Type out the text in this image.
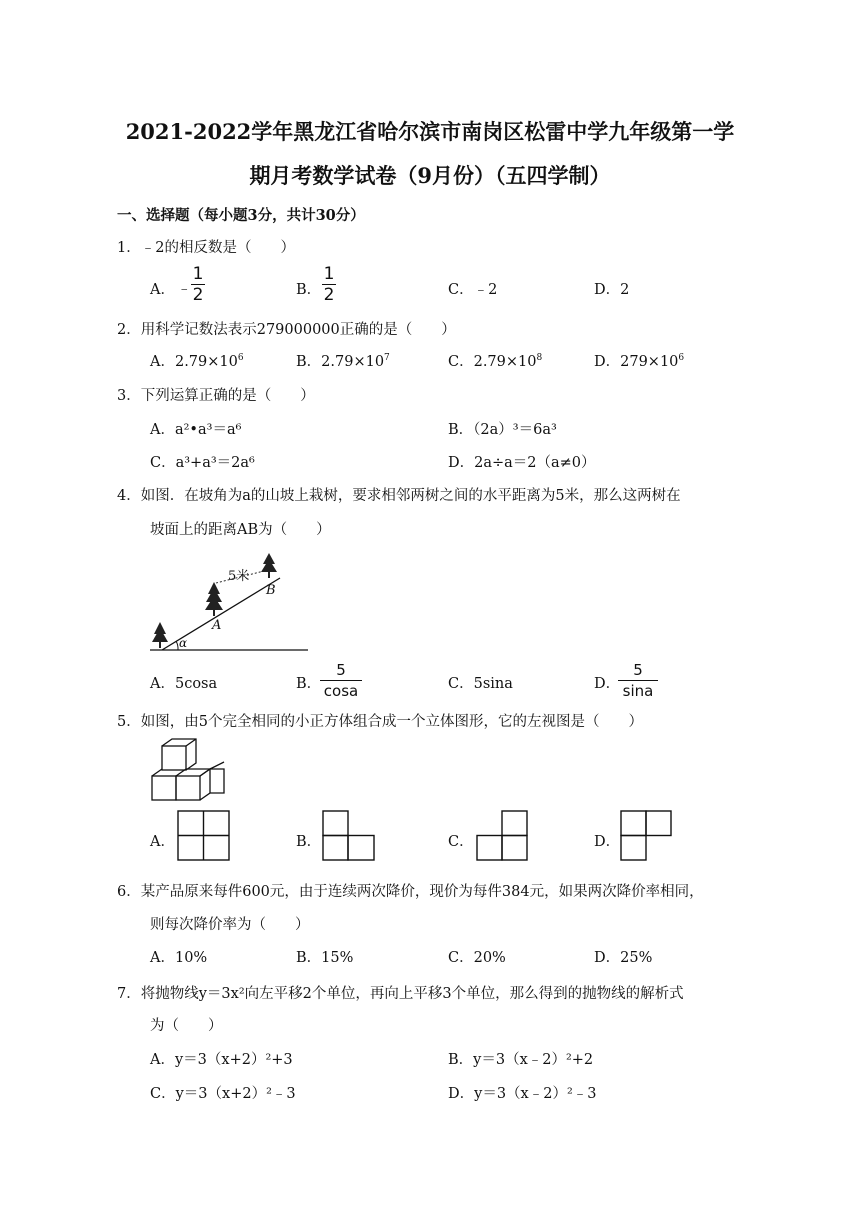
2021-2022学年黑龙江省哈尔滨市南岗区松雷中学九年级第一学
期月考数学试卷（9月份）（五四学制）
一、选择题（每小题3分，共计30分）
1．﹣2的相反数是（　　）
A． ﹣
1
2	B．
1
2	C．﹣2	D．2
2．用科学记数法表示279000000正确的是（　　）
A．$2.79\times 10^6$	B．$2.79\times 10^7$	C．$2.79\times 10^8$	D．$279\times 10^6$
3．下列运算正确的是（　　）
A．a²•a³＝a⁶	B．（2a）³＝6a³
C．a³+a³＝2a⁶	D．2a÷a＝2（a≠0）
4．如图．在坡角为a的山坡上栽树，要求相邻两树之间的水平距离为5米，那么这两树在
坡面上的距离AB为（　　）
5米
A
B
α
A．5cosa	B．
5
cosa	C．5sina	D．
5
sina
5．如图，由5个完全相同的小正方体组合成一个立体图形，它的左视图是（　　）
A．	B．	C．	D．
6．某产品原来每件600元，由于连续两次降价，现价为每件384元，如果两次降价率相同，
则每次降价率为（　　）
A．10%	B．15%	C．20%	D．25%
7．将抛物线y＝3x²向左平移2个单位，再向上平移3个单位，那么得到的抛物线的解析式
为（　　）
A．y＝3（x+2）²+3	B．y＝3（x﹣2）²+2
C．y＝3（x+2）²﹣3	D．y＝3（x﹣2）²﹣3
